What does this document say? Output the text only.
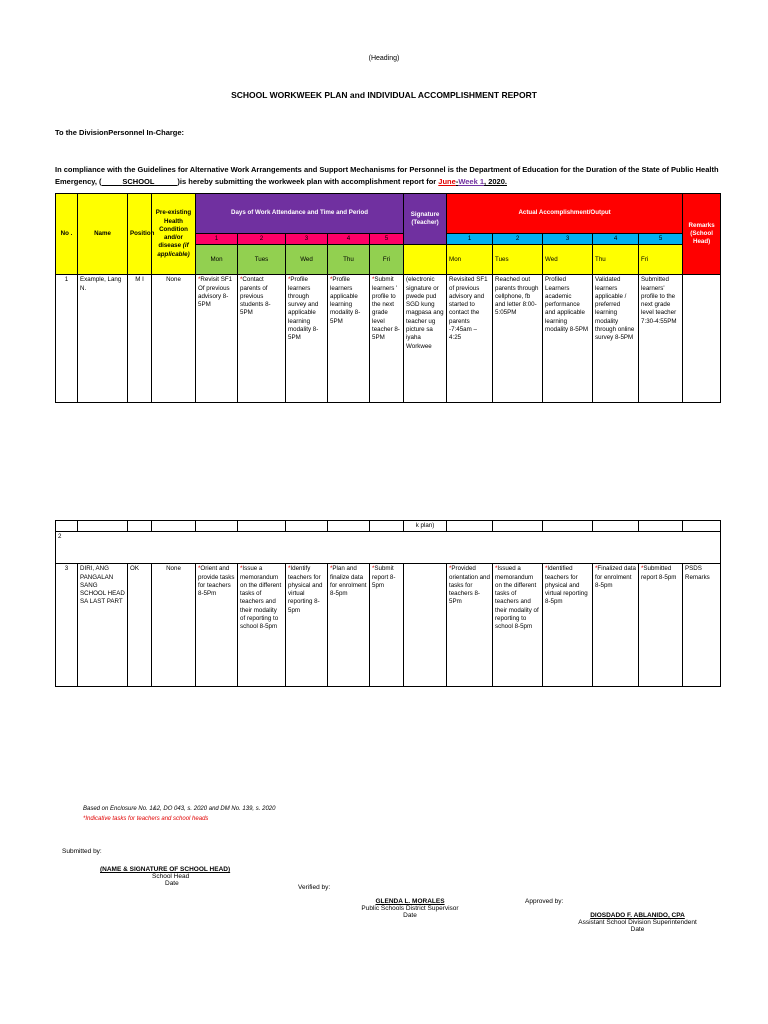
(Heading)
SCHOOL WORKWEEK PLAN and INDIVIDUAL ACCOMPLISHMENT REPORT
To the DivisionPersonnel In-Charge:
In compliance with the Guidelines for Alternative Work Arrangements and Support Mechanisms for Personnel is the Department of Education for the Duration of the State of Public Health Emergency, (	SCHOOL	)is hereby submitting the workweek plan with accomplishment report for June-Week 1, 2020.
No .	Name	Position	Pre-existing Health Condition and/or disease (if applicable)	Days of Work Attendance and Time and Period					Signature (Teacher)	Actual Accomplishment/Output					Remarks (School Head)
				1	2	3	4	5		1	2	3	4	5	
				Mon	Tues	Wed	Thu	Fri		Mon	Tues	Wed	Thu	Fri	
1	Example, Lang N.	M I	None	*Revisit SF1 Of previous advisory 8-5PM	*Contact parents of previous students 8-5PM	*Profile learners through survey and applicable learning modality 8-5PM	*Profile learners applicable learning modality 8-5PM	*Submit learners ' profile to the next grade level teacher 8-5PM	(electronic signature or pwede pud SGD kung magpasa ang teacher ug picture sa iyaha Workwee	Revisited SF1 of previous advisory and started to contact the parents -7:45am – 4:25	Reached out parents through cellphone, fb and letter 8:00-5:05PM	Profiled Learners academic performance and applicable learning modality 8-5PM	Validated learners applicable / preferred learning modality through online survey 8-5PM	Submitted learners' profile to the next grade level teacher 7:30-4:55PM	
									k plan)						
2															
3	DIRI, ANG PANGALAN SANG SCHOOL HEAD SA LAST PART	OK	None	*Orient and provide tasks for teachers 8-5Pm	*Issue a memorandum on the different tasks of teachers and their modality of reporting to school 8-5pm	*Identify teachers for physical and virtual reporting 8-5pm	*Plan and finalize data for enrolment 8-5pm	*Submit report 8-5pm		*Provided orientation and tasks for teachers 8-5Pm	*Issued a memorandum on the different tasks of teachers and their modality of reporting to school 8-5pm	*Identified teachers for physical and virtual reporting 8-5pm	*Finalized data for enrolment 8-5pm	*Submitted report 8-5pm	PSDS Remarks
Based on Enclosure No. 1&2, DO 043, s. 2020 and DM No. 139, s. 2020
*Indicative tasks for teachers and school heads
Submitted by:
(NAME & SIGNATURE OF SCHOOL HEAD)
School Head
Date
Verified by:
GLENDA L. MORALES
Public Schools District Supervisor
Date
Approved by:
DIOSDADO F. ABLANIDO, CPA
Assistant School Division Superintendent
Date
